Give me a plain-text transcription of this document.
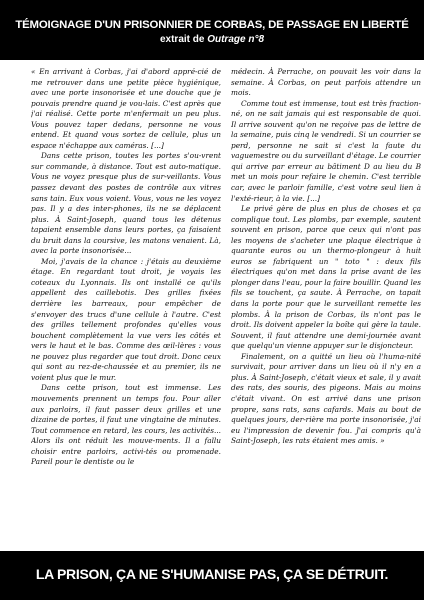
TÉMOIGNAGE D'UN PRISONNIER DE CORBAS, DE PASSAGE EN LIBERTÉ
extrait de Outrage n°8

« En arrivant à Corbas, j'ai d'abord appré-cié de me retrouver dans une petite pièce hygiénique, avec une porte insonorisée et une douche que je pouvais prendre quand je vou-lais. C'est après que j'ai réalisé. Cette porte m'enfermait un peu plus. Vous pouvez taper dedans, personne ne vous entend. Et quand vous sortez de cellule, plus un espace n'échappe aux caméras. [...]

Dans cette prison, toutes les portes s'ou-vrent sur commande, à distance. Tout est auto-matique. Vous ne voyez presque plus de sur-veillants. Vous passez devant des postes de contrôle aux vitres sans tain. Eux vous voient. Vous, vous ne les voyez pas. Il y a des inter-phones, ils ne se déplacent plus. À Saint-Joseph, quand tous les détenus tapaient ensemble dans leurs portes, ça faisaient du bruit dans la coursive, les matons venaient. Là, avec la porte insonorisée...

Moi, j'avais de la chance : j'étais au deuxième étage. En regardant tout droit, je voyais les coteaux du Lyonnais. Ils ont installé ce qu'ils appellent des caillebotis. Des grilles fixées derrière les barreaux, pour empêcher de s'envoyer des trucs d'une cellule à l'autre. C'est des grilles tellement profondes qu'elles vous bouchent complètement la vue vers les côtés et vers le haut et le bas. Comme des œil-lères : vous ne pouvez plus regarder que tout droit. Donc ceux qui sont au rez-de-chaussée et au premier, ils ne voient plus que le mur.

Dans cette prison, tout est immense. Les mouvements prennent un temps fou. Pour aller aux parloirs, il faut passer deux grilles et une dizaine de portes, il faut une vingtaine de minutes. Tout commence en retard, les cours, les activités... Alors ils ont réduit les mouve-ments. Il a fallu choisir entre parloirs, activi-tés ou promenade. Pareil pour le dentiste ou le

médecin. À Perrache, on pouvait les voir dans la semaine. À Corbas, on peut parfois attendre un mois.

Comme tout est immense, tout est très fraction-né, on ne sait jamais qui est responsable de quoi. Il arrive souvent qu'on ne reçoive pas de lettre de la semaine, puis cinq le vendredi. Si un courrier se perd, personne ne sait si c'est la faute du vaguemestre ou du surveillant d'étage. Le courrier qui arrive par erreur au bâtiment D au lieu du B met un mois pour refaire le chemin. C'est terrible car, avec le parloir famille, c'est votre seul lien à l'exté-rieur, à la vie. [...]

Le privé gère de plus en plus de choses et ça complique tout. Les plombs, par exemple, sautent souvent en prison, parce que ceux qui n'ont pas les moyens de s'acheter une plaque électrique à quarante euros ou un thermo-plongeur à huit euros se fabriquent un " toto " : deux fils électriques qu'on met dans la prise avant de les plonger dans l'eau, pour la faire bouillir. Quand les fils se touchent, ça saute. À Perrache, on tapait dans la porte pour que le surveillant remette les plombs. À la prison de Corbas, ils n'ont pas le droit. Ils doivent appeler la boîte qui gère la taule. Souvent, il faut attendre une demi-journée avant que quelqu'un vienne appuyer sur le disjoncteur.

Finalement, on a quitté un lieu où l'huma-nité survivait, pour arriver dans un lieu où il n'y en a plus. À Saint-Joseph, c'était vieux et sale, il y avait des rats, des souris, des pigeons. Mais au moins c'était vivant. On est arrivé dans une prison propre, sans rats, sans cafards. Mais au bout de quelques jours, der-rière ma porte insonorisée, j'ai eu l'impression de devenir fou. J'ai compris qu'à Saint-Joseph, les rats étaient mes amis. »

LA PRISON, ÇA NE S'HUMANISE PAS, ÇA SE DÉTRUIT.
